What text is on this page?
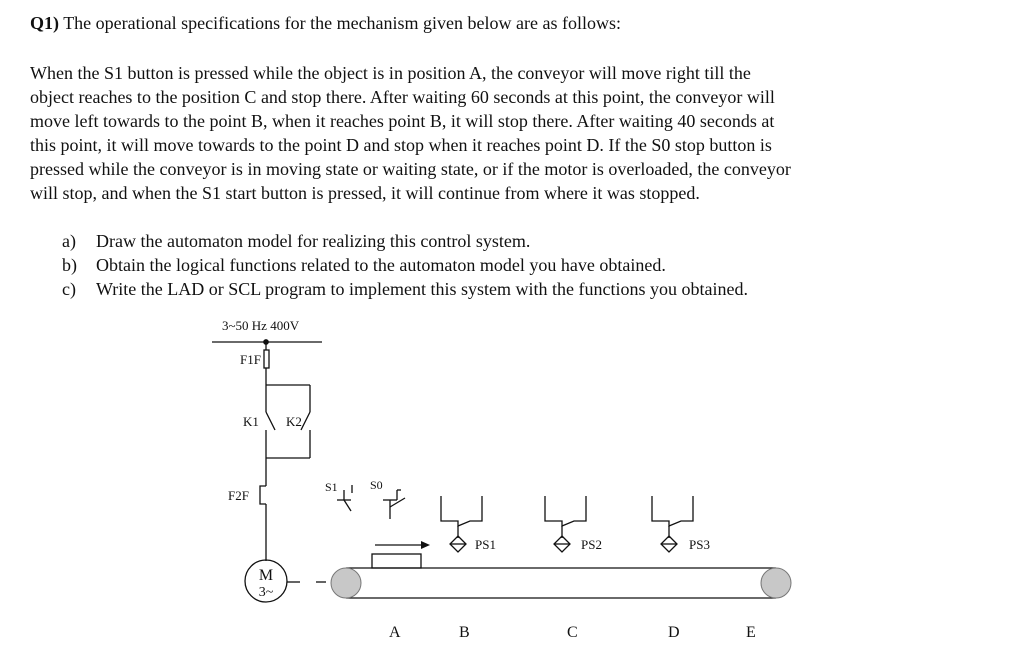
Q1) The operational specifications for the mechanism given below are as follows:
When the S1 button is pressed while the object is in position A, the conveyor will move right till the
object reaches to the position C and stop there. After waiting 60 seconds at this point, the conveyor will
move left towards to the point B, when it reaches point B, it will stop there. After waiting 40 seconds at
this point, it will move towards to the point D and stop when it reaches point D. If the S0 stop button is
pressed while the conveyor is in moving state or waiting state, or if the motor is overloaded, the conveyor
will stop, and when the S1 start button is pressed, it will continue from where it was stopped.
a) Draw the automaton model for realizing this control system.
b) Obtain the logical functions related to the automaton model you have obtained.
c) Write the LAD or SCL program to implement this system with the functions you obtained.
3~50 Hz 400V
F1F
K1 K2
F2F
M
3~
S1	S0
PS1	PS2	PS3
A	B	C	D	E
